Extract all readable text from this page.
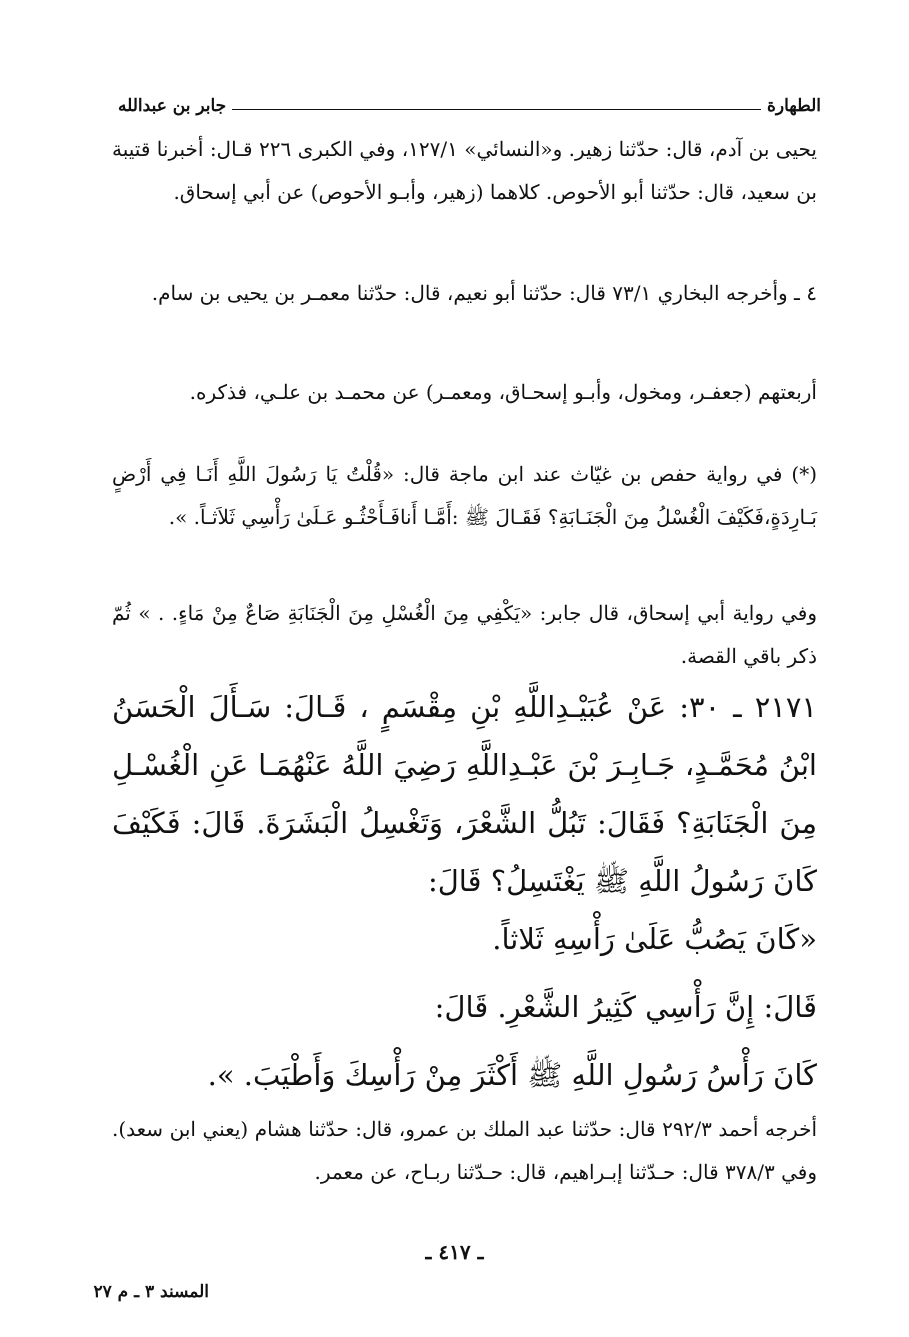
الطهارة
جابر بن عبدالله
يحيى بن آدم، قال: حدّثنا زهير. و«النسائي» ١٢٧/١، وفي الكبرى ٢٢٦ قـال: أخبرنا قتيبة بن سعيد، قال: حدّثنا أبو الأحوص. كلاهما (زهير، وأبـو الأحوص) عن أبي إسحاق.
٤ ـ وأخرجه البخاري ٧٣/١ قال: حدّثنا أبو نعيم، قال: حدّثنا معمـر بن يحيى بن سام.
أربعتهم (جعفـر، ومخول، وأبـو إسحـاق، ومعمـر) عن محمـد بن علـي، فذكره.
(*) في رواية حفص بن غيّاث عند ابن ماجة قال: «قُلْتُ يَا رَسُولَ اللَّهِ أَنَـا فِي أَرْضٍ بَـارِدَةٍ،فَكَيْفَ الْغُسْلُ مِنَ الْجَنَـابَةِ؟ فَقَـالَ ﷺ :أَمَّـا أَنافَـأَحْثُـو عَـلَىٰ رَأْسِي ثَلاَثـاً. ».
وفي رواية أبي إسحاق، قال جابر: «يَكْفِي مِنَ الْغُسْلِ مِنَ الْجَنَابَةِ صَاعٌ مِنْ مَاءٍ. . » ثُمّ ذكر باقي القصة.
٢١٧١ ـ ٣٠: عَنْ عُبَيْـدِاللَّهِ بْنِ مِقْسَمٍ ، قَـالَ: سَـأَلَ الْحَسَنُ ابْنُ مُحَمَّـدٍ، جَـابِـرَ بْنَ عَبْـدِاللَّهِ رَضِيَ اللَّهُ عَنْهُمَـا عَنِ الْغُسْـلِ مِنَ الْجَنَابَةِ؟ فَقَالَ: تَبُلُّ الشَّعْرَ، وَتَغْسِلُ الْبَشَرَةَ. قَالَ: فَكَيْفَ كَانَ رَسُولُ اللَّهِ ﷺ يَغْتَسِلُ؟ قَالَ:
«كَانَ يَصُبُّ عَلَىٰ رَأْسِهِ ثَلاثاً.
قَالَ: إِنَّ رَأْسِي كَثِيرُ الشَّعْرِ. قَالَ:
كَانَ رَأْسُ رَسُولِ اللَّهِ ﷺ أَكْثَرَ مِنْ رَأْسِكَ وَأَطْيَبَ. ».
أخرجه أحمد ٢٩٢/٣ قال: حدّثنا عبد الملك بن عمرو، قال: حدّثنا هشام (يعني ابن سعد). وفي ٣٧٨/٣ قال: حـدّثنا إبـراهيم، قال: حـدّثنا ربـاح، عن معمر.
ـ ٤١٧ ـ
المسند ٣ ـ م ٢٧
